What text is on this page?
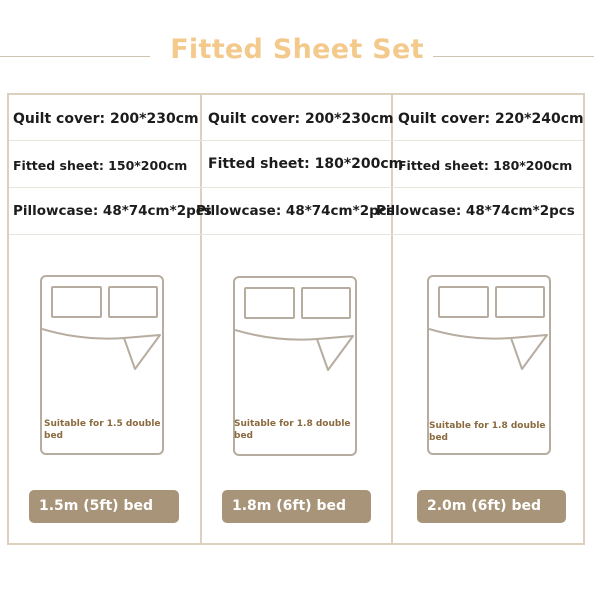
Fitted Sheet Set
Quilt cover: 200*230cm
Fitted sheet: 150*200cm
Pillowcase: 48*74cm*2pcs
Quilt cover: 200*230cm
Fitted sheet: 180*200cm
Pillowcase: 48*74cm*2pcs
Quilt cover: 220*240cm
Fitted sheet: 180*200cm
Pillowcase: 48*74cm*2pcs
Suitable for 1.5 double bed
Suitable for 1.8 double bed
Suitable for 1.8 double bed
1.5m (5ft) bed	1.8m (6ft) bed	2.0m (6ft) bed
